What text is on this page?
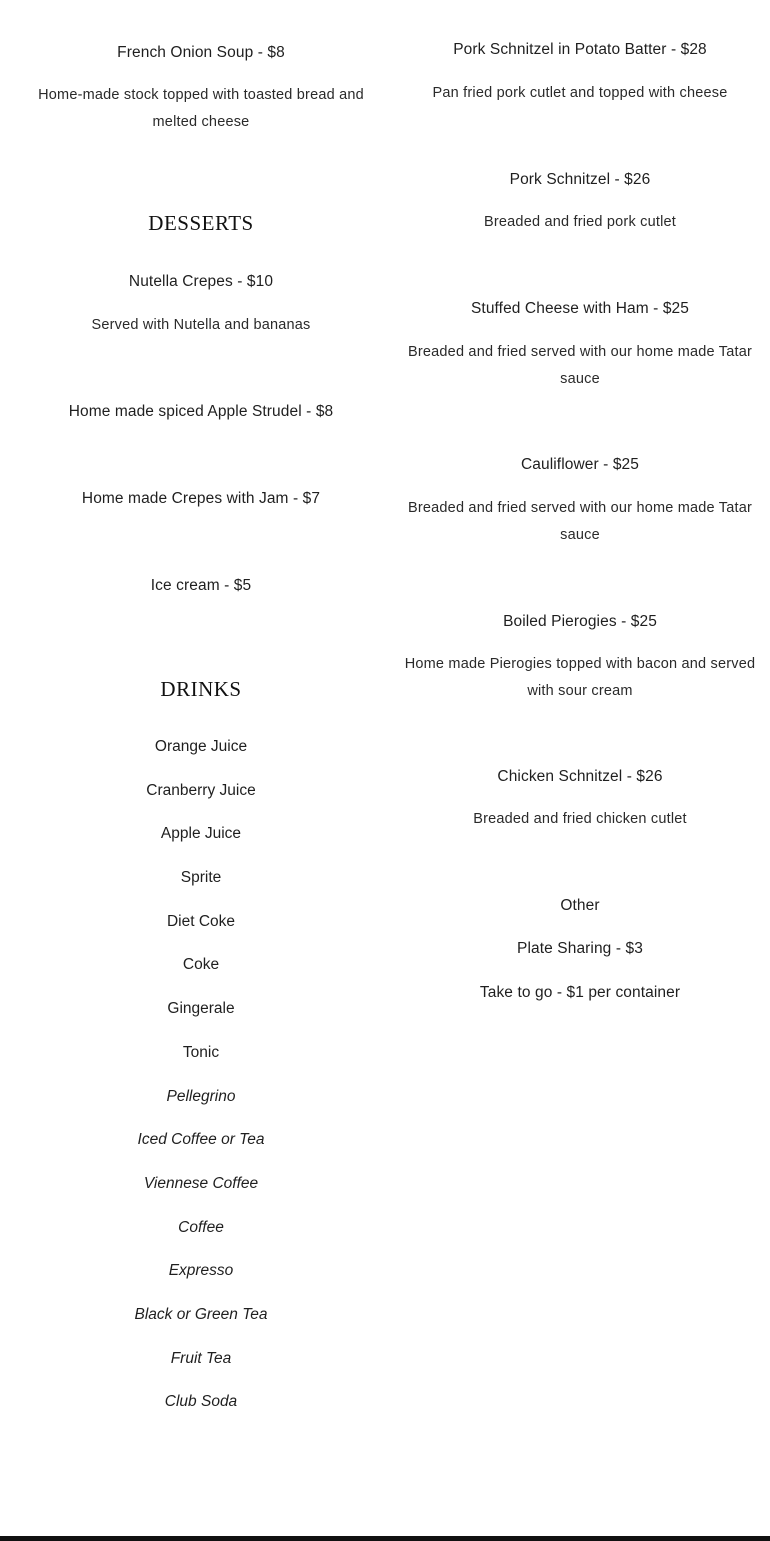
French Onion Soup - $8
Home-made stock topped with toasted bread and melted cheese
DESSERTS
Nutella Crepes - $10
Served with Nutella and bananas
Home made spiced Apple Strudel - $8
Home made Crepes with Jam - $7
Ice cream - $5
DRINKS
Orange Juice
Cranberry Juice
Apple Juice
Sprite
Diet Coke
Coke
Gingerale
Tonic
Pellegrino
Iced Coffee or Tea
Viennese Coffee
Coffee
Expresso
Black or Green Tea
Fruit Tea
Club Soda
Pork Schnitzel in Potato Batter - $28
Pan fried pork cutlet and topped with cheese
Pork Schnitzel - $26
Breaded and fried pork cutlet
Stuffed Cheese with Ham - $25
Breaded and fried served with our home made Tatar sauce
Cauliflower - $25
Breaded and fried served with our home made Tatar sauce
Boiled Pierogies - $25
Home made Pierogies topped with bacon and served with sour cream
Chicken Schnitzel - $26
Breaded and fried chicken cutlet
Other
Plate Sharing - $3
Take to go - $1 per container
